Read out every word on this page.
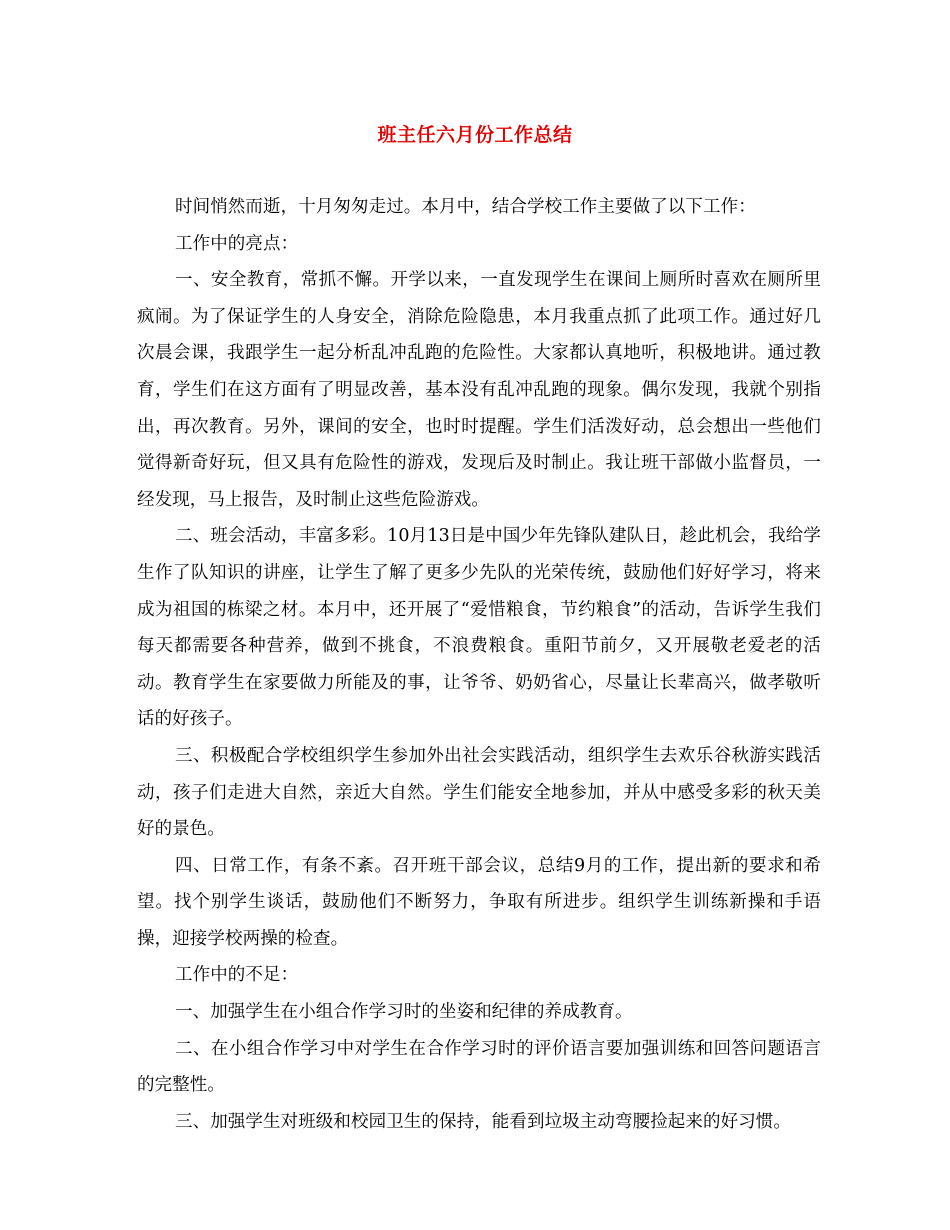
班主任六月份工作总结

时间悄然而逝，十月匆匆走过。本月中，结合学校工作主要做了以下工作：

工作中的亮点：

一、安全教育，常抓不懈。开学以来，一直发现学生在课间上厕所时喜欢在厕所里疯闹。为了保证学生的人身安全，消除危险隐患，本月我重点抓了此项工作。通过好几次晨会课，我跟学生一起分析乱冲乱跑的危险性。大家都认真地听，积极地讲。通过教育，学生们在这方面有了明显改善，基本没有乱冲乱跑的现象。偶尔发现，我就个别指出，再次教育。另外，课间的安全，也时时提醒。学生们活泼好动，总会想出一些他们觉得新奇好玩，但又具有危险性的游戏，发现后及时制止。我让班干部做小监督员，一经发现，马上报告，及时制止这些危险游戏。

二、班会活动，丰富多彩。10月13日是中国少年先锋队建队日，趁此机会，我给学生作了队知识的讲座，让学生了解了更多少先队的光荣传统，鼓励他们好好学习，将来成为祖国的栋梁之材。本月中，还开展了“爱惜粮食，节约粮食”的活动，告诉学生我们每天都需要各种营养，做到不挑食，不浪费粮食。重阳节前夕，又开展敬老爱老的活动。教育学生在家要做力所能及的事，让爷爷、奶奶省心，尽量让长辈高兴，做孝敬听话的好孩子。

三、积极配合学校组织学生参加外出社会实践活动，组织学生去欢乐谷秋游实践活动，孩子们走进大自然，亲近大自然。学生们能安全地参加，并从中感受多彩的秋天美好的景色。

四、日常工作，有条不紊。召开班干部会议，总结9月的工作，提出新的要求和希望。找个别学生谈话，鼓励他们不断努力，争取有所进步。组织学生训练新操和手语操，迎接学校两操的检查。

工作中的不足：

一、加强学生在小组合作学习时的坐姿和纪律的养成教育。

二、在小组合作学习中对学生在合作学习时的评价语言要加强训练和回答问题语言的完整性。

三、加强学生对班级和校园卫生的保持，能看到垃圾主动弯腰捡起来的好习惯。
